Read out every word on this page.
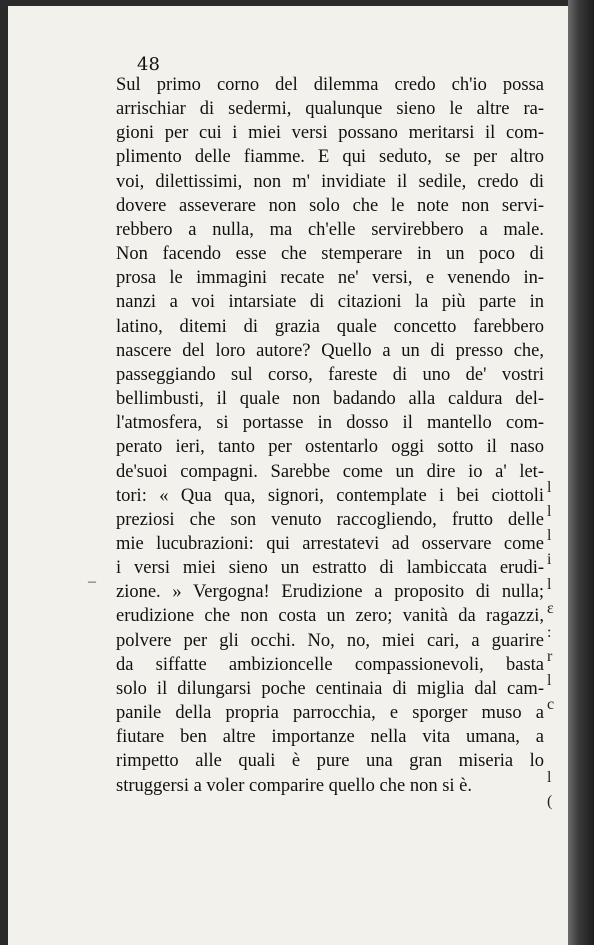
48
Sul primo corno del dilemma credo ch'io possa
arrischiar di sedermi, qualunque sieno le altre ra-
gioni per cui i miei versi possano meritarsi il com-
plimento delle fiamme. E qui seduto, se per altro
voi, dilettissimi, non m' invidiate il sedile, credo di
dovere asseverare non solo che le note non servi-
rebbero a nulla, ma ch'elle servirebbero a male.
Non facendo esse che stemperare in un poco di
prosa le immagini recate ne' versi, e venendo in-
nanzi a voi intarsiate di citazioni la più parte in
latino, ditemi di grazia quale concetto farebbero
nascere del loro autore? Quello a un di presso che,
passeggiando sul corso, fareste di uno de' vostri
bellimbusti, il quale non badando alla caldura del-
l'atmosfera, si portasse in dosso il mantello com-
perato ieri, tanto per ostentarlo oggi sotto il naso
de'suoi compagni. Sarebbe come un dire io a' let-
tori: « Qua qua, signori, contemplate i bei ciottoli
preziosi che son venuto raccogliendo, frutto delle
mie lucubrazioni: qui arrestatevi ad osservare come
i versi miei sieno un estratto di lambiccata erudi-
zione. » Vergogna! Erudizione a proposito di nulla;
erudizione che non costa un zero; vanità da ragazzi,
polvere per gli occhi. No, no, miei cari, a guarire
da siffatte ambizioncelle compassionevoli, basta
solo il dilungarsi poche centinaia di miglia dal cam-
panile della propria parrocchia, e sporger muso a
fiutare ben altre importanze nella vita umana, a
rimpetto alle quali è pure una gran miseria lo
struggersi a voler comparire quello che non si è.
l
l
l
i
l
ɛ
:
r
l
c
l
(
–
